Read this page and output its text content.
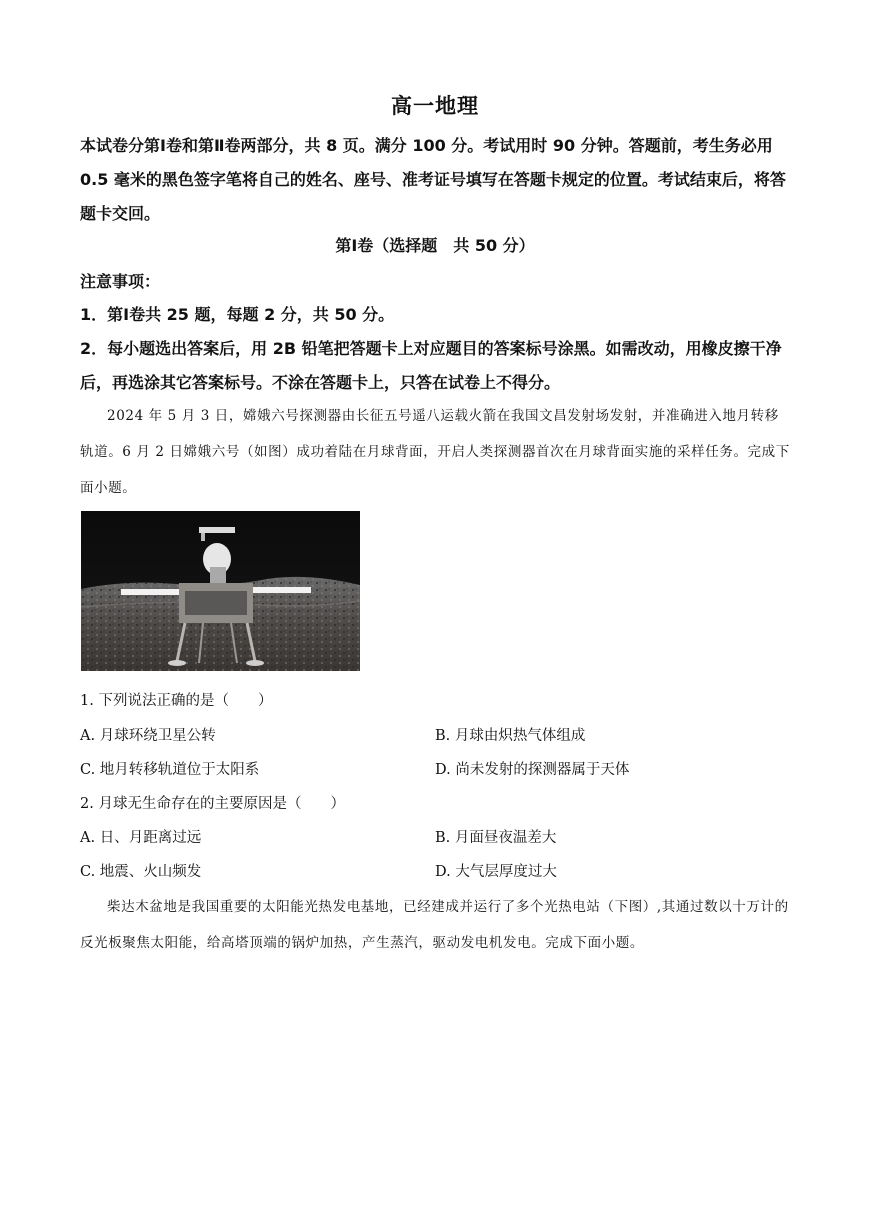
高一地理
本试卷分第Ⅰ卷和第Ⅱ卷两部分，共 8 页。满分 100 分。考试用时 90 分钟。答题前，考生务必用 0.5 毫米的黑色签字笔将自己的姓名、座号、准考证号填写在答题卡规定的位置。考试结束后，将答题卡交回。
第Ⅰ卷（选择题　共 50 分）
注意事项：
1．第Ⅰ卷共 25 题，每题 2 分，共 50 分。
2．每小题选出答案后，用 2B 铅笔把答题卡上对应题目的答案标号涂黑。如需改动，用橡皮擦干净后，再选涂其它答案标号。不涂在答题卡上，只答在试卷上不得分。
2024 年 5 月 3 日，嫦娥六号探测器由长征五号遥八运载火箭在我国文昌发射场发射，并准确进入地月转移轨道。6 月 2 日嫦娥六号（如图）成功着陆在月球背面，开启人类探测器首次在月球背面实施的采样任务。完成下面小题。
1. 下列说法正确的是（　　）
A. 月球环绕卫星公转	B. 月球由炽热气体组成
C. 地月转移轨道位于太阳系	D. 尚未发射的探测器属于天体
2. 月球无生命存在的主要原因是（　　）
A. 日、月距离过远	B. 月面昼夜温差大
C. 地震、火山频发	D. 大气层厚度过大
柴达木盆地是我国重要的太阳能光热发电基地，已经建成并运行了多个光热电站（下图）,其通过数以十万计的反光板聚焦太阳能，给高塔顶端的锅炉加热，产生蒸汽，驱动发电机发电。完成下面小题。
